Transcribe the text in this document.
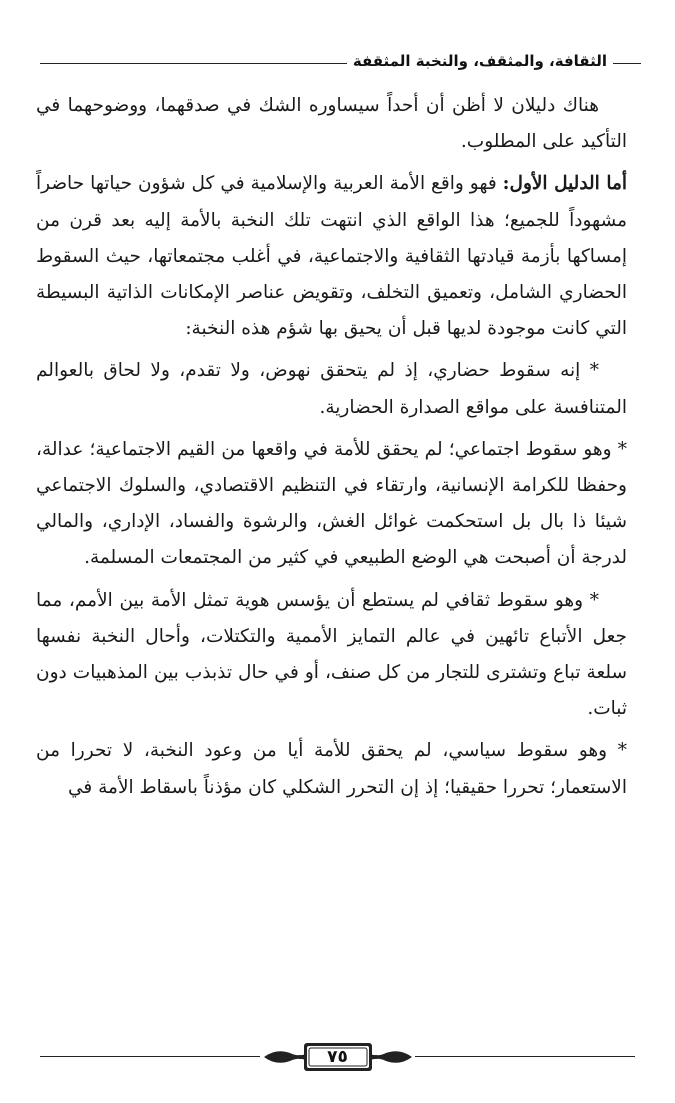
الثقافة، والمثقف، والنخبة المثقفة

هناك دليلان لا أظن أن أحداً سيساوره الشك في صدقهما، ووضوحهما في التأكيد على المطلوب.

أما الدليل الأول: فهو واقع الأمة العربية والإسلامية في كل شؤون حياتها حاضراً مشهوداً للجميع؛ هذا الواقع الذي انتهت تلك النخبة بالأمة إليه بعد قرن من إمساكها بأزمة قيادتها الثقافية والاجتماعية، في أغلب مجتمعاتها، حيث السقوط الحضاري الشامل، وتعميق التخلف، وتقويض عناصر الإمكانات الذاتية البسيطة التي كانت موجودة لديها قبل أن يحيق بها شؤم هذه النخبة:

* إنه سقوط حضاري، إذ لم يتحقق نهوض، ولا تقدم، ولا لحاق بالعوالم المتنافسة على مواقع الصدارة الحضارية.

* وهو سقوط اجتماعي؛ لم يحقق للأمة في واقعها من القيم الاجتماعية؛ عدالة، وحفظا للكرامة الإنسانية، وارتقاء في التنظيم الاقتصادي، والسلوك الاجتماعي شيئا ذا بال بل استحكمت غوائل الغش، والرشوة والفساد، الإداري، والمالي لدرجة أن أصبحت هي الوضع الطبيعي في كثير من المجتمعات المسلمة.

* وهو سقوط ثقافي لم يستطع أن يؤسس هوية تمثل الأمة بين الأمم، مما جعل الأتباع تائهين في عالم التمايز الأممية والتكتلات، وأحال النخبة نفسها سلعة تباع وتشترى للتجار من كل صنف، أو في حال تذبذب بين المذهبيات دون ثبات.

* وهو سقوط سياسي، لم يحقق للأمة أيا من وعود النخبة، لا تحررا من الاستعمار؛ تحررا حقيقيا؛ إذ إن التحرر الشكلي كان مؤذناً باسقاط الأمة في

٧٥
